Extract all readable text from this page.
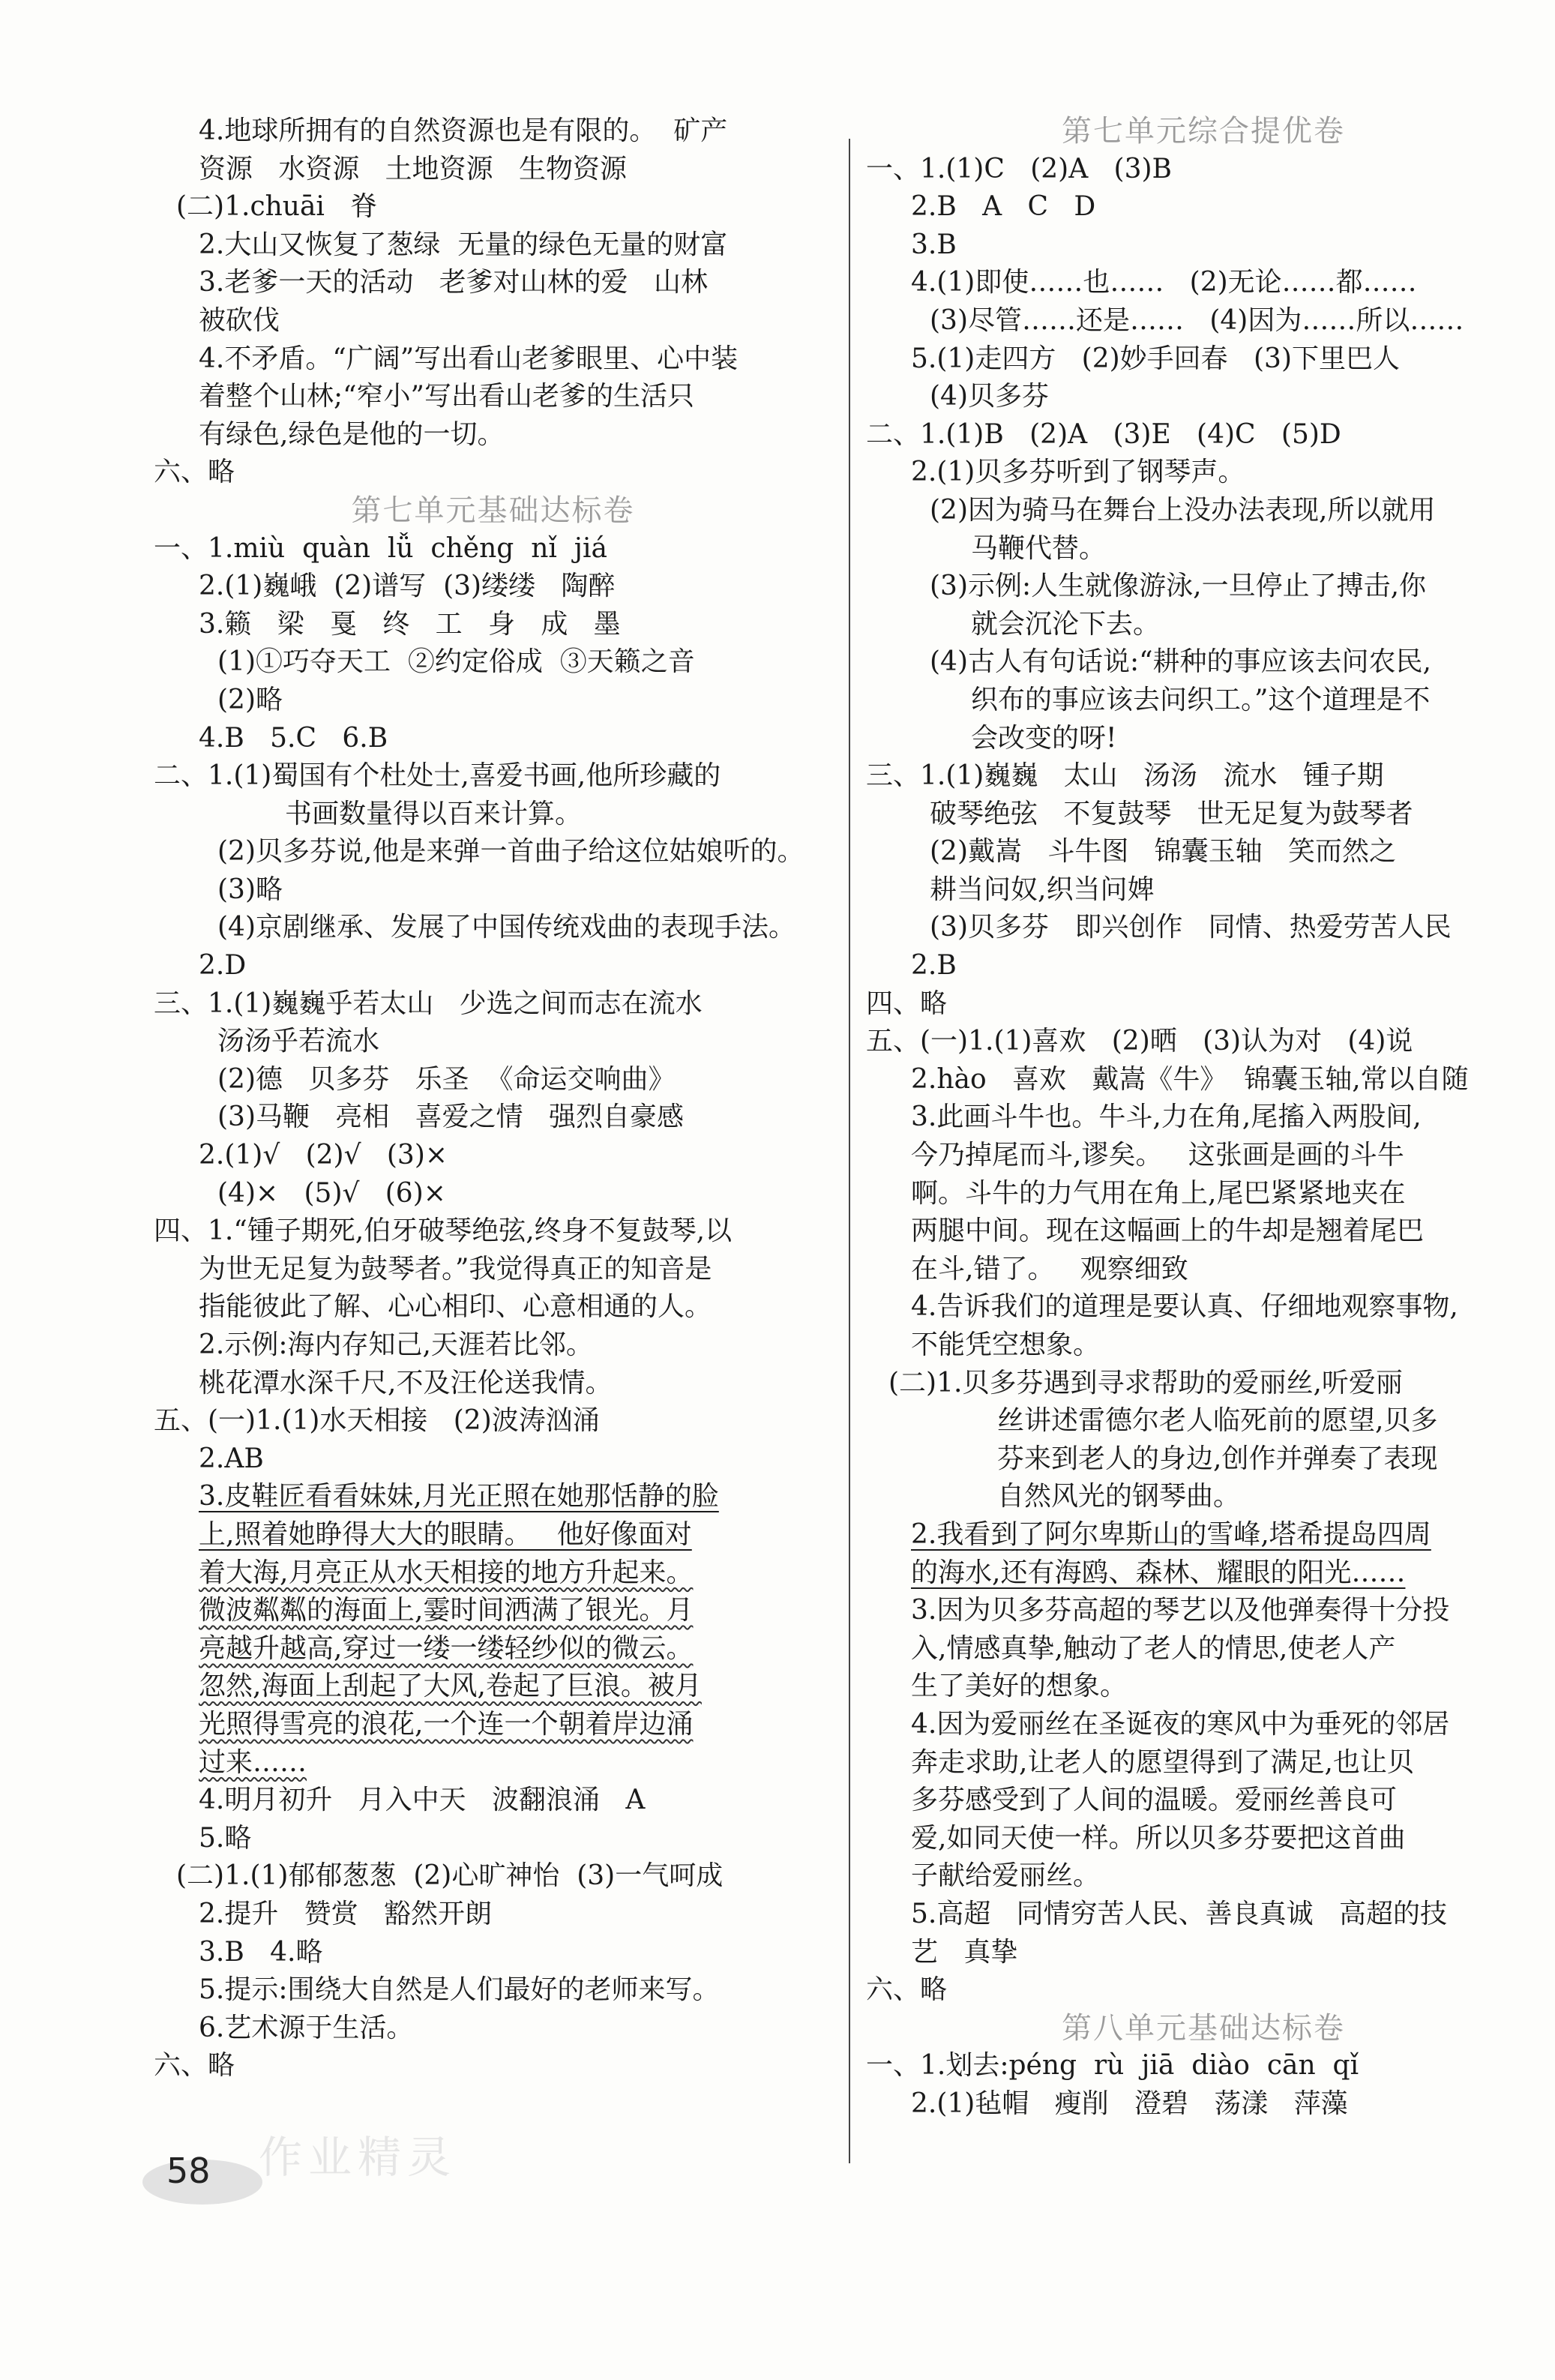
4.地球所拥有的自然资源也是有限的。  矿产
资源   水资源   土地资源   生物资源
(二)1.chuāi   脊
2.大山又恢复了葱绿  无量的绿色无量的财富
3.老爹一天的活动   老爹对山林的爱   山林
被砍伐
4.不矛盾。“广阔”写出看山老爹眼里、心中装
着整个山林;“窄小”写出看山老爹的生活只
有绿色,绿色是他的一切。
六、略
第七单元基础达标卷
一、1.miù  quàn  lǚ  chěng  nǐ  jiá
2.(1)巍峨  (2)谱写  (3)缕缕   陶醉
3.籁   梁   戛   终   工   身   成   墨
(1)①巧夺天工  ②约定俗成  ③天籁之音
(2)略
4.B   5.C   6.B
二、1.(1)蜀国有个杜处士,喜爱书画,他所珍藏的
书画数量得以百来计算。
(2)贝多芬说,他是来弹一首曲子给这位姑娘听的。
(3)略
(4)京剧继承、发展了中国传统戏曲的表现手法。
2.D
三、1.(1)巍巍乎若太山   少选之间而志在流水
汤汤乎若流水
(2)德   贝多芬   乐圣  《命运交响曲》
(3)马鞭   亮相   喜爱之情   强烈自豪感
2.(1)√   (2)√   (3)×
(4)×   (5)√   (6)×
四、1.“锺子期死,伯牙破琴绝弦,终身不复鼓琴,以
为世无足复为鼓琴者。”我觉得真正的知音是
指能彼此了解、心心相印、心意相通的人。
2.示例:海内存知己,天涯若比邻。
桃花潭水深千尺,不及汪伦送我情。
五、(一)1.(1)水天相接   (2)波涛汹涌
2.AB
3.皮鞋匠看看妹妹,月光正照在她那恬静的脸
上,照着她睁得大大的眼睛。   他好像面对
着大海,月亮正从水天相接的地方升起来。
微波粼粼的海面上,霎时间洒满了银光。月
亮越升越高,穿过一缕一缕轻纱似的微云。
忽然,海面上刮起了大风,卷起了巨浪。被月
光照得雪亮的浪花,一个连一个朝着岸边涌
过来……
4.明月初升   月入中天   波翻浪涌   A
5.略
(二)1.(1)郁郁葱葱  (2)心旷神怡  (3)一气呵成
2.提升   赞赏   豁然开朗
3.B   4.略
5.提示:围绕大自然是人们最好的老师来写。
6.艺术源于生活。
六、略
第七单元综合提优卷
一、1.(1)C   (2)A   (3)B
2.B   A   C   D
3.B
4.(1)即使……也……   (2)无论……都……
(3)尽管……还是……   (4)因为……所以……
5.(1)走四方   (2)妙手回春   (3)下里巴人
(4)贝多芬
二、1.(1)B   (2)A   (3)E   (4)C   (5)D
2.(1)贝多芬听到了钢琴声。
(2)因为骑马在舞台上没办法表现,所以就用
马鞭代替。
(3)示例:人生就像游泳,一旦停止了搏击,你
就会沉沦下去。
(4)古人有句话说:“耕种的事应该去问农民,
织布的事应该去问织工。”这个道理是不
会改变的呀!
三、1.(1)巍巍   太山   汤汤   流水   锺子期
破琴绝弦   不复鼓琴   世无足复为鼓琴者
(2)戴嵩   斗牛图   锦囊玉轴   笑而然之
耕当问奴,织当问婢
(3)贝多芬   即兴创作   同情、热爱劳苦人民
2.B
四、略
五、(一)1.(1)喜欢   (2)晒   (3)认为对   (4)说
2.hào   喜欢   戴嵩《牛》  锦囊玉轴,常以自随
3.此画斗牛也。牛斗,力在角,尾搐入两股间,
今乃掉尾而斗,谬矣。   这张画是画的斗牛
啊。斗牛的力气用在角上,尾巴紧紧地夹在
两腿中间。现在这幅画上的牛却是翘着尾巴
在斗,错了。   观察细致
4.告诉我们的道理是要认真、仔细地观察事物,
不能凭空想象。
(二)1.贝多芬遇到寻求帮助的爱丽丝,听爱丽
丝讲述雷德尔老人临死前的愿望,贝多
芬来到老人的身边,创作并弹奏了表现
自然风光的钢琴曲。
2.我看到了阿尔卑斯山的雪峰,塔希提岛四周
的海水,还有海鸥、森林、耀眼的阳光……
3.因为贝多芬高超的琴艺以及他弹奏得十分投
入,情感真挚,触动了老人的情思,使老人产
生了美好的想象。
4.因为爱丽丝在圣诞夜的寒风中为垂死的邻居
奔走求助,让老人的愿望得到了满足,也让贝
多芬感受到了人间的温暖。爱丽丝善良可
爱,如同天使一样。所以贝多芬要把这首曲
子献给爱丽丝。
5.高超   同情穷苦人民、善良真诚   高超的技
艺   真挚
六、略
第八单元基础达标卷
一、1.划去:péng  rù  jiā  diào  cān  qǐ
2.(1)毡帽   瘦削   澄碧   荡漾   萍藻
作业精灵
58
